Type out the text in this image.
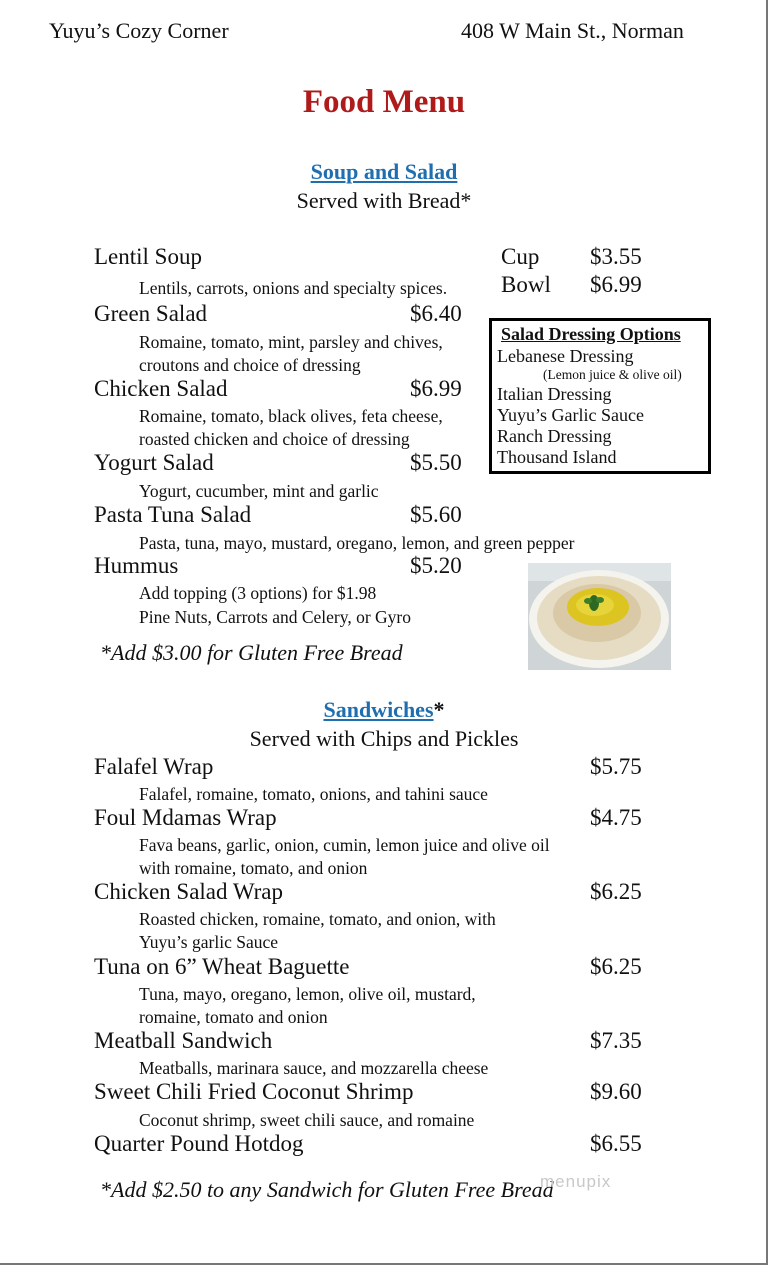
Yuyu’s Cozy Corner	408 W Main St., Norman
Food Menu
Soup and Salad
Served with Bread*
Lentil Soup
Lentils, carrots, onions and specialty spices.
Cup $3.55
Bowl $6.99
Green Salad	$6.40
Romaine, tomato, mint, parsley and chives,
croutons and choice of dressing
Chicken Salad	$6.99
Romaine, tomato, black olives, feta cheese,
roasted chicken and choice of dressing
Yogurt Salad	$5.50
Yogurt, cucumber, mint and garlic
Pasta Tuna Salad	$5.60
Pasta, tuna, mayo, mustard, oregano, lemon, and green pepper
Hummus	$5.20
Add topping (3 options) for $1.98
Pine Nuts, Carrots and Celery, or Gyro
*Add $3.00 for Gluten Free Bread
Salad Dressing Options
Lebanese Dressing
(Lemon juice & olive oil)
Italian Dressing
Yuyu’s Garlic Sauce
Ranch Dressing
Thousand Island
Sandwiches*
Served with Chips and Pickles
Falafel Wrap	$5.75
Falafel, romaine, tomato, onions, and tahini sauce
Foul Mdamas Wrap	$4.75
Fava beans, garlic, onion, cumin, lemon juice and olive oil
with romaine, tomato, and onion
Chicken Salad Wrap	$6.25
Roasted chicken, romaine, tomato, and onion, with
Yuyu’s garlic Sauce
Tuna on 6” Wheat Baguette	$6.25
Tuna, mayo, oregano, lemon, olive oil, mustard,
romaine, tomato and onion
Meatball Sandwich	$7.35
Meatballs, marinara sauce, and mozzarella cheese
Sweet Chili Fried Coconut Shrimp	$9.60
Coconut shrimp, sweet chili sauce, and romaine
Quarter Pound Hotdog	$6.55
*Add $2.50 to any Sandwich for Gluten Free Bread
menupix
